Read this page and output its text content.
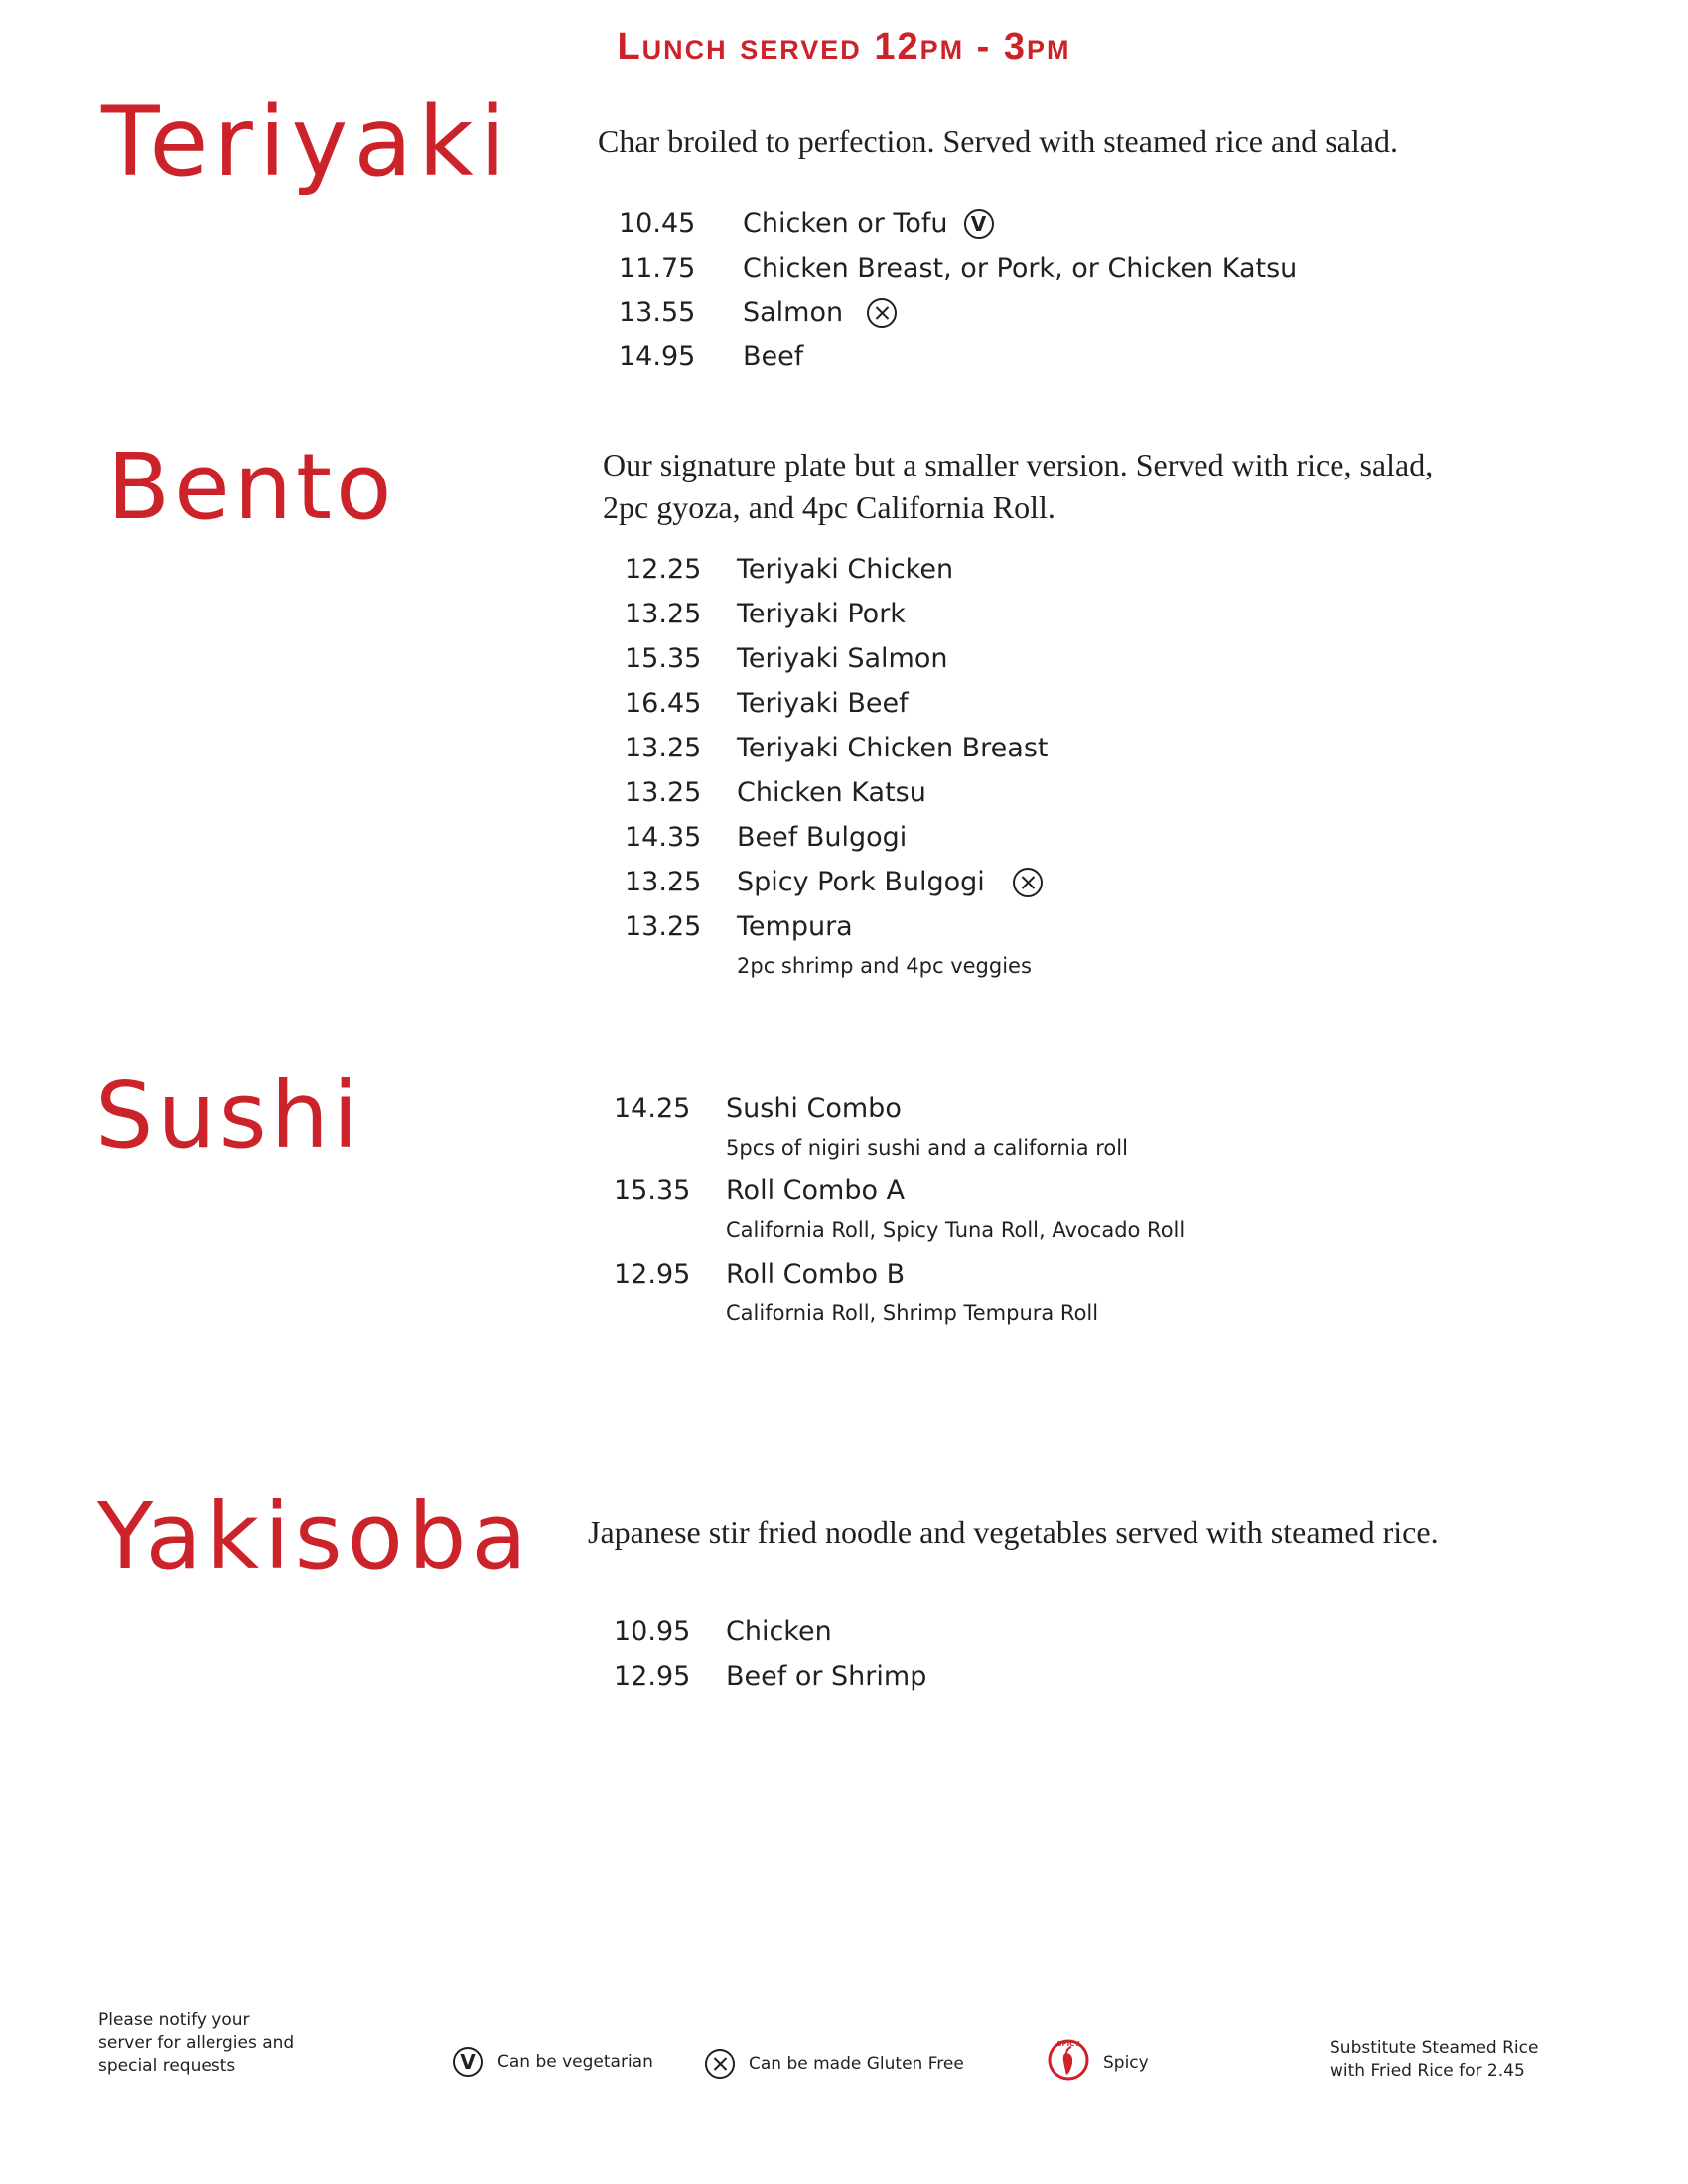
Lunch served 12pm - 3pm
Teriyaki	Char broiled to perfection. Served with steamed rice and salad.
10.45 Chicken or Tofu
V
11.75 Chicken Breast, or Pork, or Chicken Katsu
13.55 Salmon
14.95 Beef
Bento	Our signature plate but a smaller version. Served with rice, salad,
2pc gyoza, and 4pc California Roll.
12.25 Teriyaki Chicken
13.25 Teriyaki Pork
15.35 Teriyaki Salmon
16.45 Teriyaki Beef
13.25 Teriyaki Chicken Breast
13.25 Chicken Katsu
14.35 Beef Bulgogi
13.25 Spicy Pork Bulgogi
13.25 Tempura
2pc shrimp and 4pc veggies
Sushi	14.25 Sushi Combo
5pcs of nigiri sushi and a california roll
15.35 Roll Combo A
California Roll, Spicy Tuna Roll, Avocado Roll
12.95 Roll Combo B
California Roll, Shrimp Tempura Roll
Yakisoba Japanese stir fried noodle and vegetables served with steamed rice.
10.95 Chicken
12.95 Beef or Shrimp
Please notify your
server for allergies and
special requests
V	Can be vegetarian	Can be made Gluten Free
SPICY
Spicy
Substitute Steamed Rice
with Fried Rice for 2.45
